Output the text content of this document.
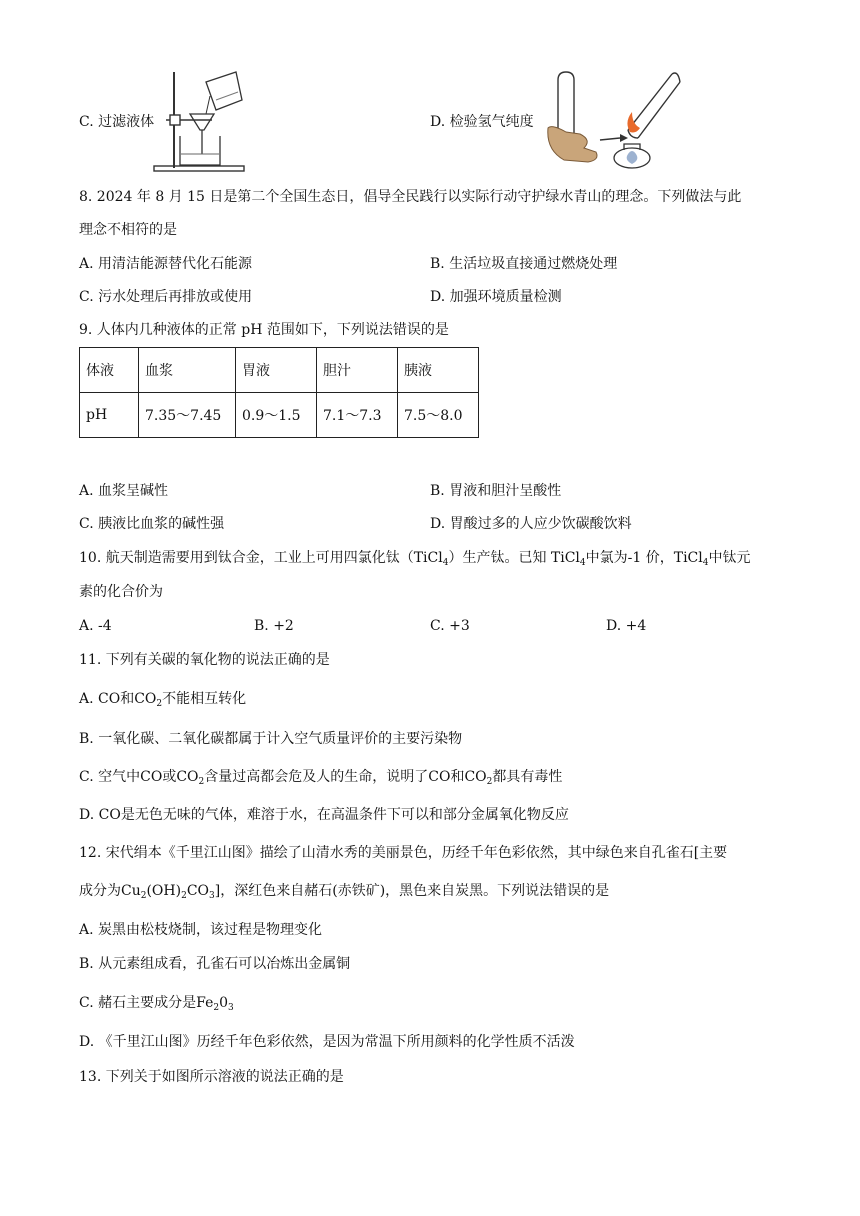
C. 过滤液体	D. 检验氢气纯度
8. 2024 年 8 月 15 日是第二个全国生态日，倡导全民践行以实际行动守护绿水青山的理念。下列做法与此
理念不相符的是
A. 用清洁能源替代化石能源	B. 生活垃圾直接通过燃烧处理
C. 污水处理后再排放或使用	D. 加强环境质量检测
9. 人体内几种液体的正常 pH 范围如下，下列说法错误的是
体液	血浆	胃液	胆汁	胰液
pH	7.35～7.45	0.9～1.5	7.1～7.3	7.5～8.0
A. 血浆呈碱性	B. 胃液和胆汁呈酸性
C. 胰液比血浆的碱性强	D. 胃酸过多的人应少饮碳酸饮料
10. 航天制造需要用到钛合金，工业上可用四氯化钛（TiCl$_4$）生产钛。已知 TiCl$_4$中氯为-1 价，TiCl$_4$中钛元
素的化合价为
A. -4	B. +2	C. +3	D. +4
11. 下列有关碳的氧化物的说法正确的是
A. CO和$CO_2$不能相互转化
B. 一氧化碳、二氧化碳都属于计入空气质量评价的主要污染物
C. 空气中CO或$CO_2$含量过高都会危及人的生命，说明了CO和$CO_2$都具有毒性
D. CO是无色无味的气体，难溶于水，在高温条件下可以和部分金属氧化物反应
12. 宋代绢本《千里江山图》描绘了山清水秀的美丽景色，历经千年色彩依然，其中绿色来自孔雀石[主要
成分为$Cu_2(OH)_2CO_3$]，深红色来自赭石(赤铁矿)，黑色来自炭黑。下列说法错误的是
A. 炭黑由松枝烧制，该过程是物理变化
B. 从元素组成看，孔雀石可以冶炼出金属铜
C. 赭石主要成分是$Fe_20_3$
D. 《千里江山图》历经千年色彩依然，是因为常温下所用颜料的化学性质不活泼
13. 下列关于如图所示溶液的说法正确的是
